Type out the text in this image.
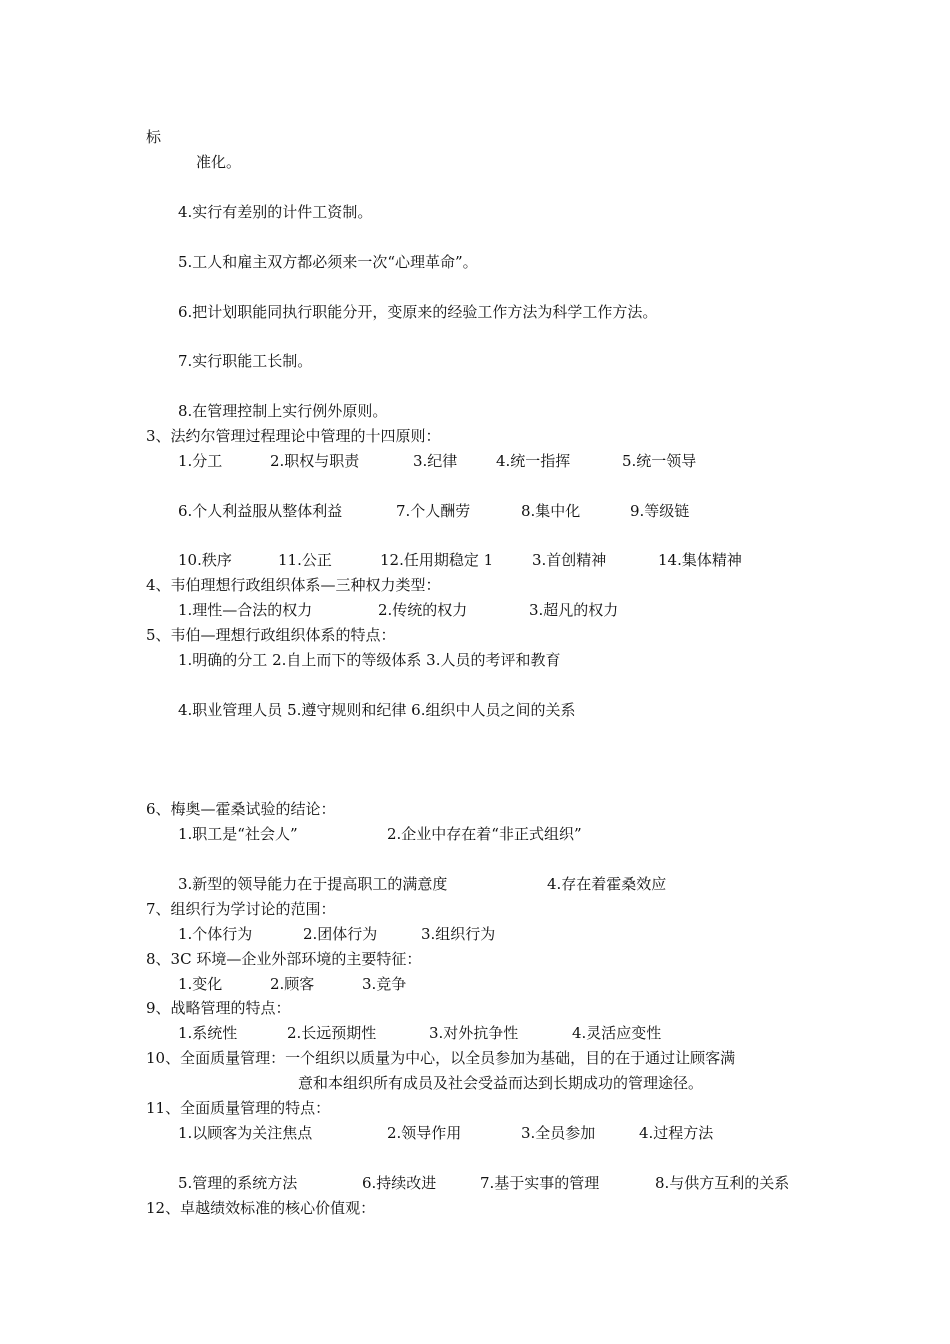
标

准化。

4.实行有差别的计件工资制。

5.工人和雇主双方都必须来一次“心理革命”。

6.把计划职能同执行职能分开，变原来的经验工作方法为科学工作方法。

7.实行职能工长制。

8.在管理控制上实行例外原则。

3、法约尔管理过程理论中管理的十四原则：

1.分工	2.职权与职责	3.纪律	4.统一指挥	5.统一领导
6.个人利益服从整体利益	7.个人酬劳	8.集中化	9.等级链
10.秩序	11.公正	12.任用期稳定 1	3.首创精神	14.集体精神

4、韦伯理想行政组织体系—三种权力类型：

1.理性—合法的权力	2.传统的权力	3.超凡的权力

5、韦伯—理想行政组织体系的特点：

1.明确的分工 2.自上而下的等级体系 3.人员的考评和教育

4.职业管理人员 5.遵守规则和纪律 6.组织中人员之间的关系

6、梅奥—霍桑试验的结论：

1.职工是“社会人”	2.企业中存在着“非正式组织”
3.新型的领导能力在于提高职工的满意度	4.存在着霍桑效应

7、组织行为学讨论的范围：

1.个体行为	2.团体行为	3.组织行为

8、3C 环境—企业外部环境的主要特征：

1.变化	2.顾客	3.竞争

9、战略管理的特点：

1.系统性	2.长远预期性	3.对外抗争性	4.灵活应变性

10、全面质量管理：一个组织以质量为中心，以全员参加为基础，目的在于通过让顾客满

意和本组织所有成员及社会受益而达到长期成功的管理途径。

11、全面质量管理的特点：

1.以顾客为关注焦点	2.领导作用	3.全员参加	4.过程方法
5.管理的系统方法	6.持续改进	7.基于实事的管理	8.与供方互利的关系

12、卓越绩效标准的核心价值观：
